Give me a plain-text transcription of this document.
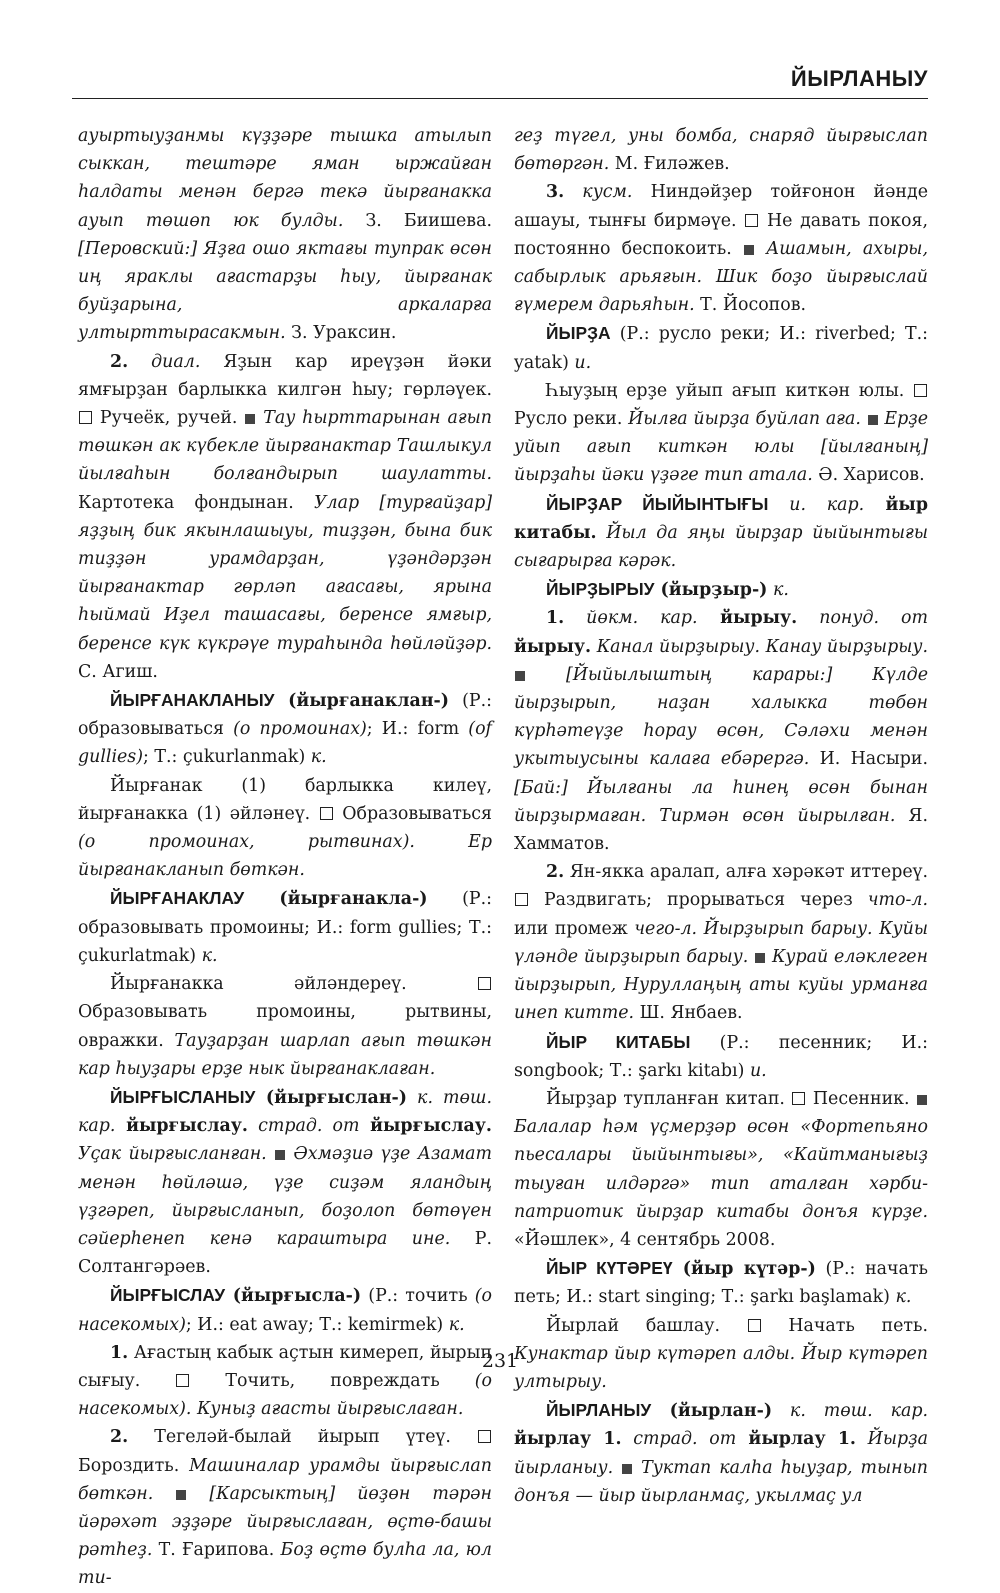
ЙЫРЛАНЫУ

ауыртыуҙанмы күҙҙәре тышка атылып сыккан, тештәре яман ыржайған һалдаты менән бергә текә йырғанакка ауып төшөп юк булды. З. Биишева. [Перовский:] Яҙға ошо яктағы тупрак өсөн иң яраклы ағастарҙы һыу, йырғанак буйҙарына, аркаларға ултырттырасакмын. З. Ураксин.

2. диал. Яҙын кар иреүҙән йәки ямғырҙан барлыкка килгән һыу; гөрләүек.  Ручеёк, ручей.  Тау һырттарынан ағып төшкән ак күбекле йырғанактар Ташлыкул йылғаһын болғандырып шаулатты. Картотека фондынан. Улар [турғайҙар] яҙҙың бик якынлашыуы, тиҙҙән, бына бик тиҙҙән урамдарҙан, үҙәндәрҙән йырғанактар гөрләп ағасағы, ярына һыймай Иҙел ташасағы, беренсе ямғыр, беренсе күк күкрәүе тураһында һөйләйҙәр. С. Агиш.

ЙЫРҒАНАКЛАНЫУ (йырғанаклан-) (Р.: образовываться (о промоинах); И.: form (of gullies); Т.: çukurlanmak) к.

Йырғанак (1) барлыкка килеү, йырғанакка (1) әйләнеү.  Образовываться (о промоинах, рытвинах). Ер йырғанакланып бөткән.

ЙЫРҒАНАКЛАУ (йырғанакла-) (Р.: образовывать промоины; И.: form gullies; Т.: çukurlatmak) к.

Йырғанакка әйләндереү.  Образовывать промоины, рытвины, овражки. Тауҙарҙан шарлап ағып төшкән кар һыуҙары ерҙе нык йырғанаклаған.

ЙЫРҒЫСЛАНЫУ (йырғыслан-) к. төш. кар. йырғыслау. страд. от йырғыслау. Уҫак йырғысланған.  Әхмәҙиә үҙе Азамат менән һөйләшә, үҙе сиҙәм яландың үҙгәреп, йырғысланып, боҙолоп бөтөүен сәйерһенеп кенә караштыра ине. Р. Солтангәрәев.

ЙЫРҒЫСЛАУ (йырғысла-) (Р.: точить (о насекомых); И.: eat away; Т.: kemirmek) к.

1. Ағастың кабык аҫтын кимереп, йырып сығыу.	Точить, повреждать (о насекомых). Куныҙ ағасты йырғыслаған.

2. Тегеләй-былай йырып үтеү.  Бороздить. Машиналар урамды йырғыслап бөткән.  [Карсыктың] йөҙөн тәрән йәрәхәт эҙҙәре йырғыслаған, өҫтө-башы рәтһеҙ. Т. Ғарипова. Боҙ өҫтө булһа ла, юл ти-

геҙ түгел, уны бомба, снаряд йырғыслап бөтөргән. М. Ғиләжев.

3. кусм. Ниндәйҙер тойғонон йәнде ашауы, тынғы бирмәүе.  Не давать покоя, постоянно беспокоить.  Ашамын, ахыры, сабырлык арьяғын. Шик боҙо йырғыслай ғүмерем дарьяһын. Т. Йосопов.

ЙЫРҘА (Р.: русло реки; И.: riverbed; Т.: yatak) и.

Һыуҙың ерҙе уйып ағып киткән юлы.  Русло реки. Йылға йырҙа буйлап аға.  Ерҙе уйып ағып киткән юлы [йылғаның] йырҙаһы йәки үҙәге тип атала. Ә. Харисов.

ЙЫРҘАР ЙЫЙЫНТЫҒЫ и. кар. йыр китабы. Йыл да яңы йырҙар йыйынтығы сығарырға кәрәк.

ЙЫРҘЫРЫУ (йырҙыр-) к.

1. йөкм. кар. йырыу. понуд. от йырыу. Канал йырҙырыу. Канау йырҙырыу.  [Йыйылыштың карары:] Күлде йырҙырып, наҙан халыкка төбөн күрһәтеүҙе һорау өсөн, Сәләхи менән укытыусыны калаға ебәрергә. И. Насыри. [Бай:] Йылғаны ла һинең өсөн бынан йырҙырмаған. Тирмән өсөн йырылған. Я. Хамматов.

2. Ян-якка аралап, алға хәрәкәт иттереү.  Раздвигать; прорываться через что-л. или промеж чего-л. Йырҙырып барыу. Куйы үләнде йырҙырып барыу.  Курай еләклеген йырҙырып, Нуруллаңың аты куйы урманға инеп китте. Ш. Янбаев.

ЙЫР КИТАБЫ (Р.: песенник; И.: songbook; Т.: şarkı kitabı) и.

Йырҙар тупланған китап.  Песенник.  Балалар һәм үҫмерҙәр өсөн «Фортепьяно пьесалары йыйынтығы», «Кайтманығыҙ тыуған илдәргә» тип аталған хәрби-патриотик йырҙар китабы донъя күрҙе. «Йәшлек», 4 сентябрь 2008.

ЙЫР КҮТӘРЕҮ (йыр күтәр-) (Р.: начать петь; И.: start singing; Т.: şarkı başlamak) к.

Йырлай башлау.  Начать петь. Кунактар йыр күтәреп алды. Йыр күтәреп ултырыу.

ЙЫРЛАНЫУ (йырлан-) к. төш. кар. йырлау 1. страд. от йырлау 1. Йырҙа йырланыу.  Туктап калһа һыуҙар, тынып донъя — йыр йырланмаҫ, укылмаҫ ул

231
